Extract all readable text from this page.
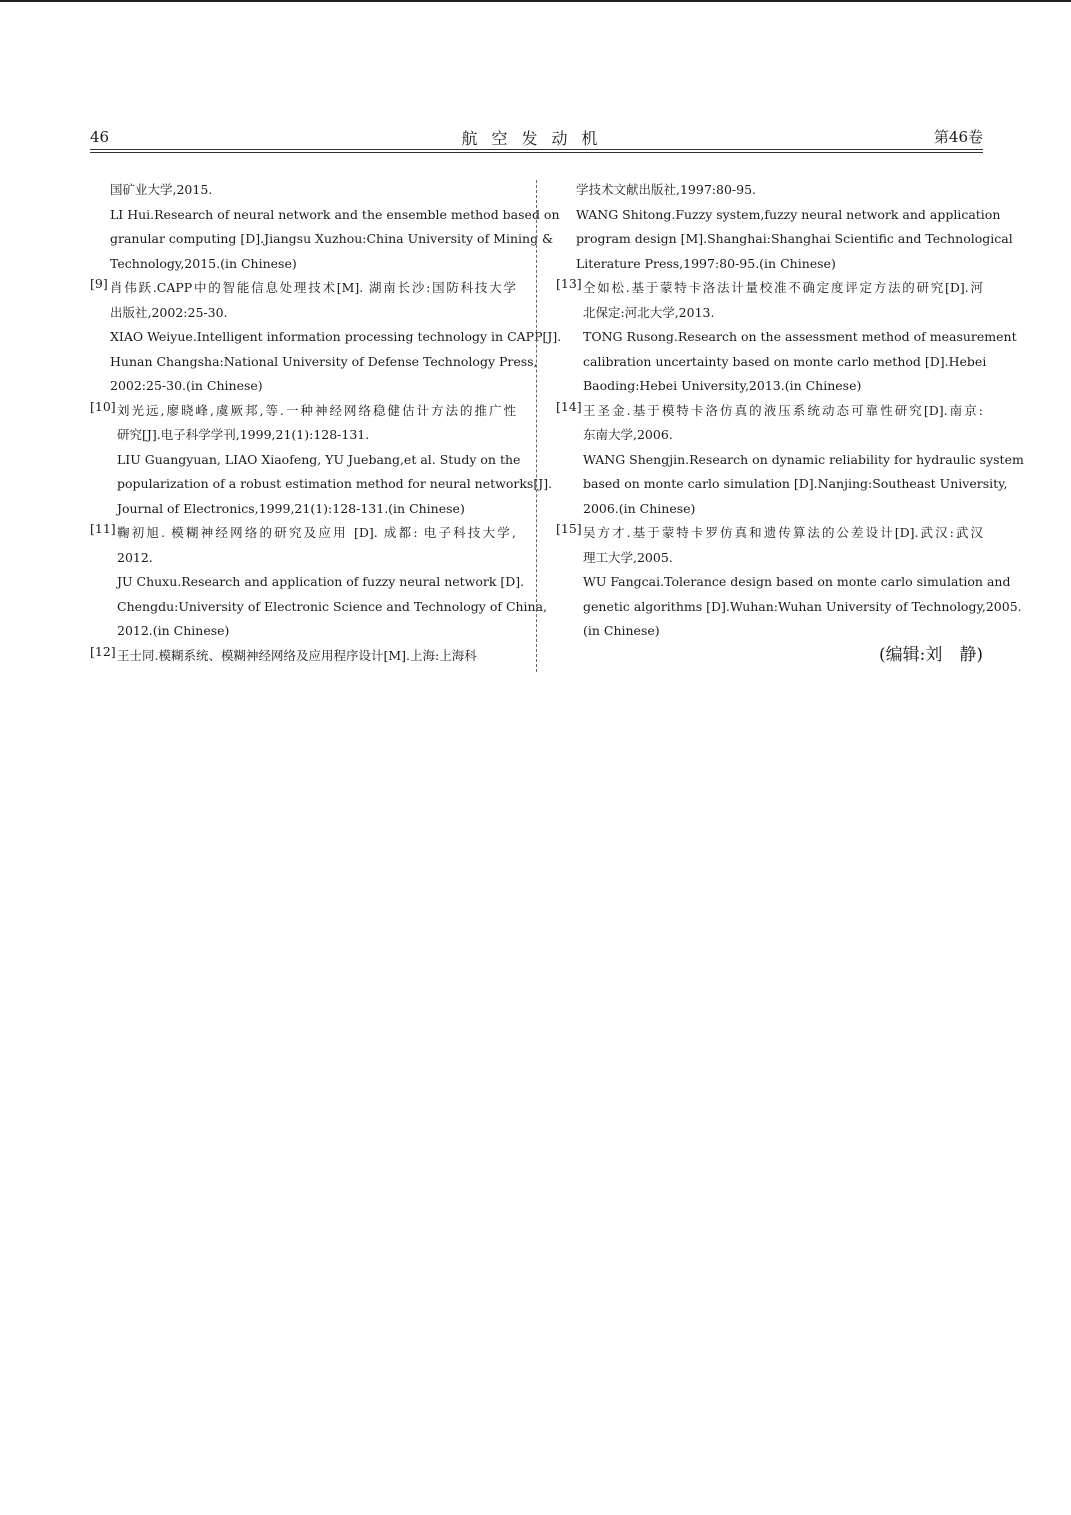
46	航空发动机	第46卷
国矿业大学,2015.
LI Hui.Research of neural network and the ensemble method based on
granular computing [D].Jiangsu Xuzhou:China University of Mining &
Technology,2015.(in Chinese)
[9] 肖伟跃.CAPP中的智能信息处理技术[M]. 湖南长沙:国防科技大学
出版社,2002:25-30.
XIAO Weiyue.Intelligent information processing technology in CAPP[J].
Hunan Changsha:National University of Defense Technology Press,
2002:25-30.(in Chinese)
[10] 刘光远,廖晓峰,虞厥邦,等.一种神经网络稳健估计方法的推广性
研究[J].电子科学学刊,1999,21(1):128-131.
LIU Guangyuan, LIAO Xiaofeng, YU Juebang,et al. Study on the
popularization of a robust estimation method for neural networks[J].
Journal of Electronics,1999,21(1):128-131.(in Chinese)
[11] 鞠初旭. 模糊神经网络的研究及应用 [D]. 成都: 电子科技大学,
2012.
JU Chuxu.Research and application of fuzzy neural network [D].
Chengdu:University of Electronic Science and Technology of China,
2012.(in Chinese)
[12] 王士同.模糊系统、模糊神经网络及应用程序设计[M].上海:上海科
学技术文献出版社,1997:80-95.
WANG Shitong.Fuzzy system,fuzzy neural network and application
program design [M].Shanghai:Shanghai Scientific and Technological
Literature Press,1997:80-95.(in Chinese)
[13] 仝如松.基于蒙特卡洛法计量校准不确定度评定方法的研究[D].河
北保定:河北大学,2013.
TONG Rusong.Research on the assessment method of measurement
calibration uncertainty based on monte carlo method [D].Hebei
Baoding:Hebei University,2013.(in Chinese)
[14] 王圣金.基于模特卡洛仿真的液压系统动态可靠性研究[D].南京:
东南大学,2006.
WANG Shengjin.Research on dynamic reliability for hydraulic system
based on monte carlo simulation [D].Nanjing:Southeast University,
2006.(in Chinese)
[15] 吴方才.基于蒙特卡罗仿真和遗传算法的公差设计[D].武汉:武汉
理工大学,2005.
WU Fangcai.Tolerance design based on monte carlo simulation and
genetic algorithms [D].Wuhan:Wuhan University of Technology,2005.
(in Chinese)
(编辑:刘　静)
